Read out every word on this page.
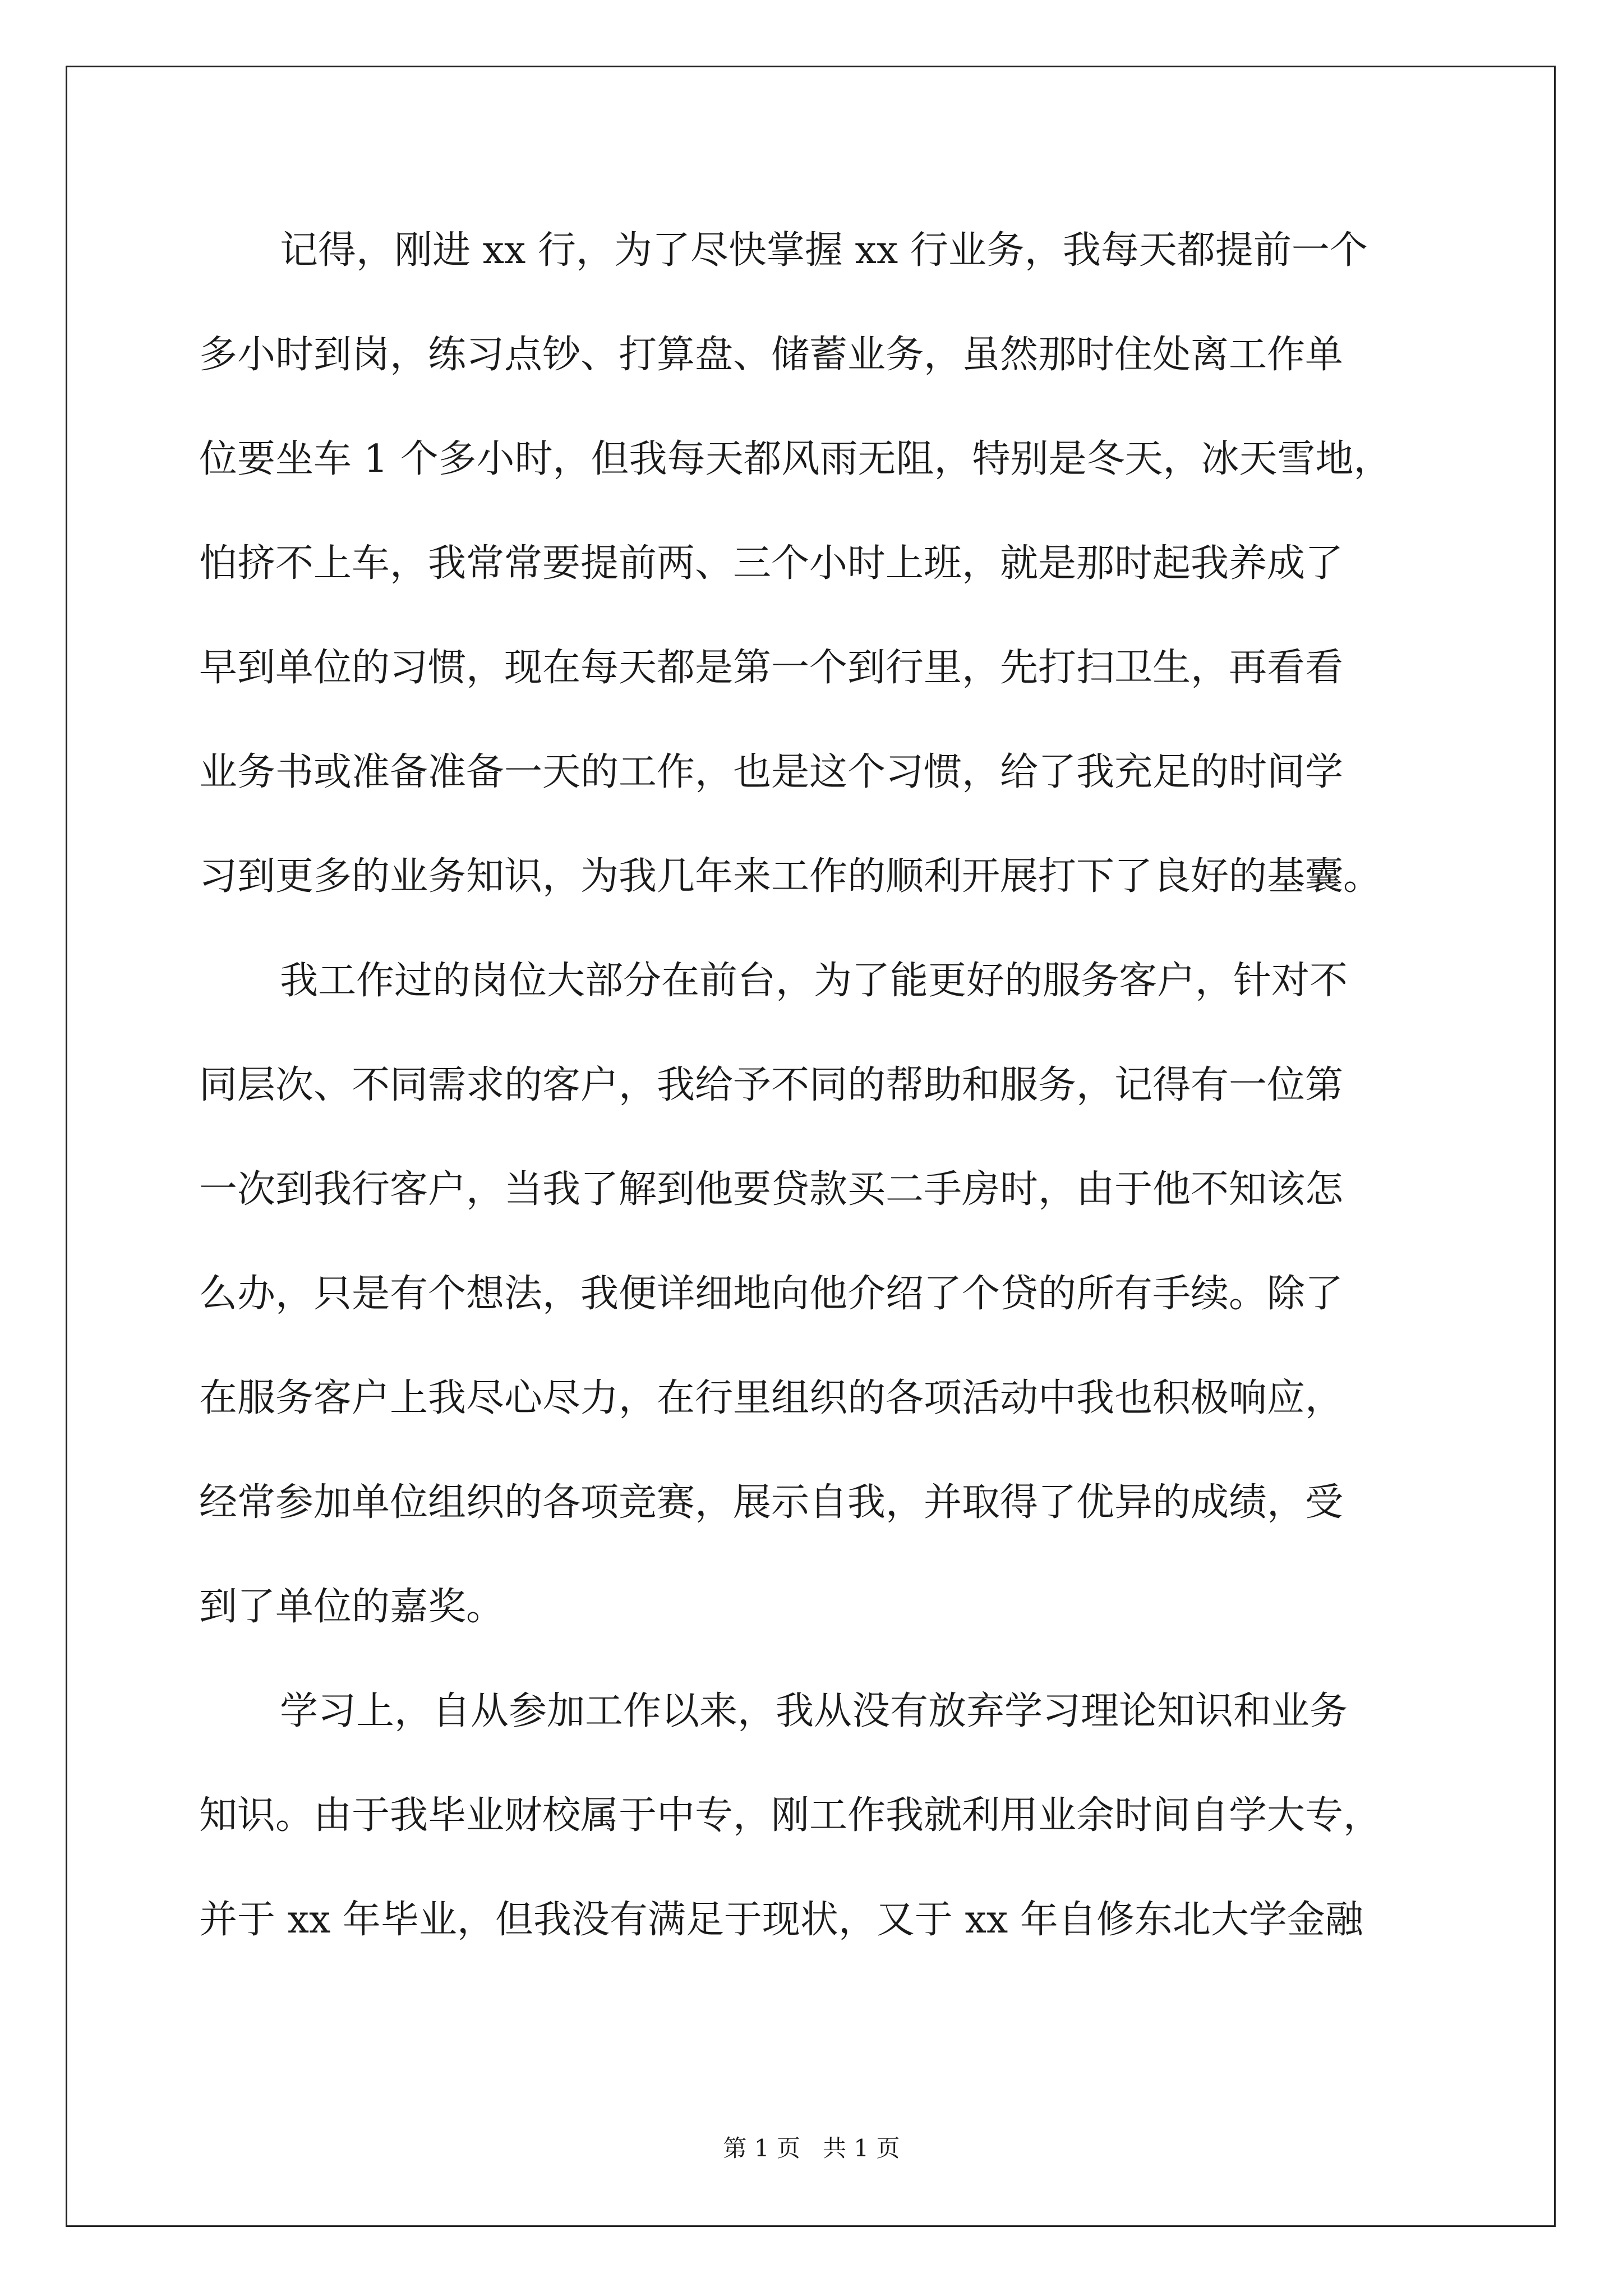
记得，刚进 xx 行，为了尽快掌握 xx 行业务，我每天都提前一个
多小时到岗，练习点钞、打算盘、储蓄业务，虽然那时住处离工作单
位要坐车 1 个多小时，但我每天都风雨无阻，特别是冬天，冰天雪地，
怕挤不上车，我常常要提前两、三个小时上班，就是那时起我养成了
早到单位的习惯，现在每天都是第一个到行里，先打扫卫生，再看看
业务书或准备准备一天的工作，也是这个习惯，给了我充足的时间学
习到更多的业务知识，为我几年来工作的顺利开展打下了良好的基囊。
我工作过的岗位大部分在前台，为了能更好的服务客户，针对不
同层次、不同需求的客户，我给予不同的帮助和服务，记得有一位第
一次到我行客户，当我了解到他要贷款买二手房时，由于他不知该怎
么办，只是有个想法，我便详细地向他介绍了个贷的所有手续。除了
在服务客户上我尽心尽力，在行里组织的各项活动中我也积极响应，
经常参加单位组织的各项竞赛，展示自我，并取得了优异的成绩，受
到了单位的嘉奖。
学习上，自从参加工作以来，我从没有放弃学习理论知识和业务
知识。由于我毕业财校属于中专，刚工作我就利用业余时间自学大专，
并于 xx 年毕业，但我没有满足于现状，又于 xx 年自修东北大学金融
第 1 页   共 1 页
